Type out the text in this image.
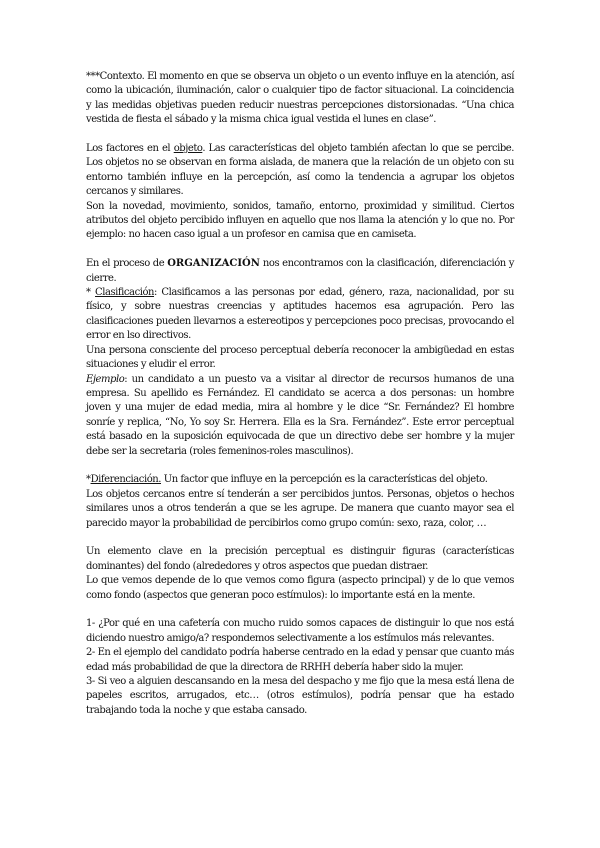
***Contexto. El momento en que se observa un objeto o un evento influye en la atención, así como la ubicación, iluminación, calor o cualquier tipo de factor situacional. La coincidencia y las medidas objetivas pueden reducir nuestras percepciones distorsionadas. “Una chica vestida de fiesta el sábado y la misma chica igual vestida el lunes en clase”.

Los factores en el objeto. Las características del objeto también afectan lo que se percibe. Los objetos no se observan en forma aislada, de manera que la relación de un objeto con su entorno también influye en la percepción, así como la tendencia a agrupar los objetos cercanos y similares.

Son la novedad, movimiento, sonidos, tamaño, entorno, proximidad y similitud. Ciertos atributos del objeto percibido influyen en aquello que nos llama la atención y lo que no. Por ejemplo: no hacen caso igual a un profesor en camisa que en camiseta.

En el proceso de ORGANIZACIÓN nos encontramos con la clasificación, diferenciación y cierre.

* Clasificación: Clasificamos a las personas por edad, género, raza, nacionalidad, por su físico, y sobre nuestras creencias y aptitudes hacemos esa agrupación. Pero las clasificaciones pueden llevarnos a estereotipos y percepciones poco precisas, provocando el error en lso directivos.

Una persona consciente del proceso perceptual debería reconocer la ambigüedad en estas situaciones y eludir el error.

Ejemplo: un candidato a un puesto va a visitar al director de recursos humanos de una empresa. Su apellido es Fernández. El candidato se acerca a dos personas: un hombre joven y una mujer de edad media, mira al hombre y le dice “Sr. Fernández? El hombre sonríe y replica, “No, Yo soy Sr. Herrera. Ella es la Sra. Fernández”. Este error perceptual está basado en la suposición equivocada de que un directivo debe ser hombre y la mujer debe ser la secretaria (roles femeninos-roles masculinos).

*Diferenciación. Un factor que influye en la percepción es la características del objeto.

Los objetos cercanos entre sí tenderán a ser percibidos juntos. Personas, objetos o hechos similares unos a otros tenderán a que se les agrupe. De manera que cuanto mayor sea el parecido mayor la probabilidad de percibirlos como grupo común: sexo, raza, color, …

Un elemento clave en la precisión perceptual es distinguir figuras (características dominantes) del fondo (alrededores y otros aspectos que puedan distraer.

Lo que vemos depende de lo que vemos como figura (aspecto principal) y de lo que vemos como fondo (aspectos que generan poco estímulos): lo importante está en la mente.

1- ¿Por qué en una cafetería con mucho ruido somos capaces de distinguir lo que nos está diciendo nuestro amigo/a? respondemos selectivamente a los estímulos más relevantes.

2- En el ejemplo del candidato podría haberse centrado en la edad y pensar que cuanto más edad más probabilidad de que la directora de RRHH debería haber sido la mujer.

3- Si veo a alguien descansando en la mesa del despacho y me fijo que la mesa está llena de papeles escritos, arrugados, etc… (otros estímulos), podría pensar que ha estado trabajando toda la noche y que estaba cansado.
